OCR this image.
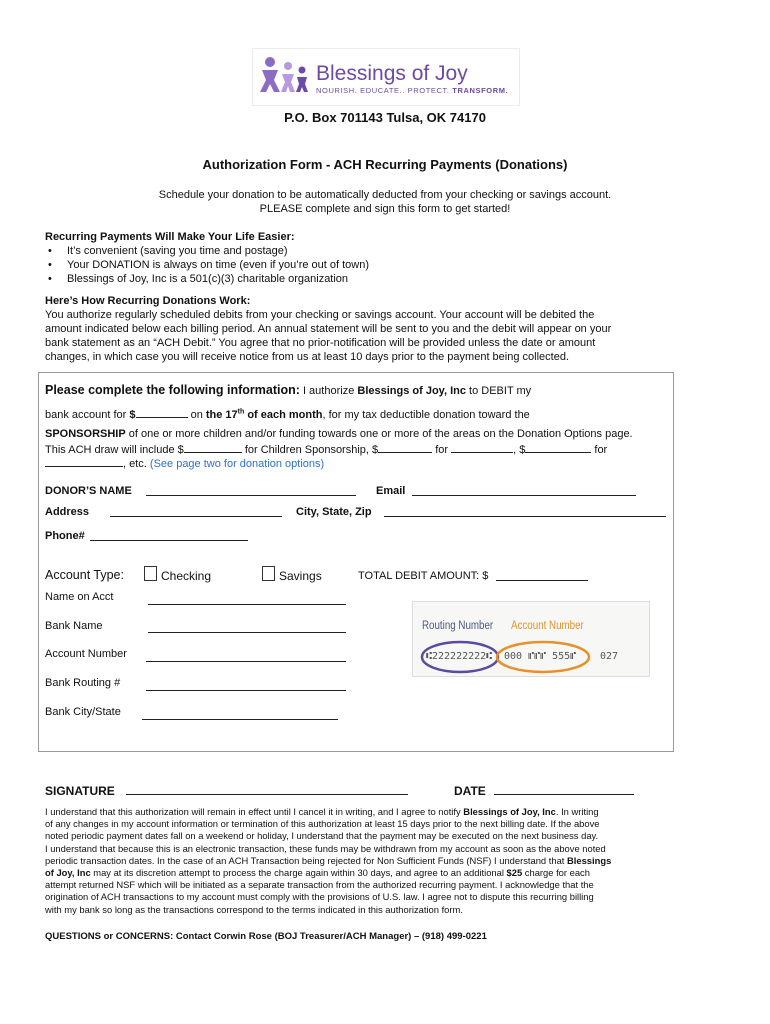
Blessings of Joy
NOURISH. EDUCATE.. PROTECT. TRANSFORM.
P.O. Box 701143 Tulsa, OK 74170
Authorization Form - ACH Recurring Payments (Donations)
Schedule your donation to be automatically deducted from your checking or savings account.
PLEASE complete and sign this form to get started!
Recurring Payments Will Make Your Life Easier:
• It’s convenient (saving you time and postage)
• Your DONATION is always on time (even if you’re out of town)
• Blessings of Joy, Inc is a 501(c)(3) charitable organization
Here’s How Recurring Donations Work:
You authorize regularly scheduled debits from your checking or savings account. Your account will be debited the
amount indicated below each billing period. An annual statement will be sent to you and the debit will appear on your
bank statement as an “ACH Debit.” You agree that no prior-notification will be provided unless the date or amount
changes, in which case you will receive notice from us at least 10 days prior to the payment being collected.
Please complete the following information: I authorize Blessings of Joy, Inc to DEBIT my
bank account for $	on the 17th of each month, for my tax deductible donation toward the
SPONSORSHIP of one or more children and/or funding towards one or more of the areas on the Donation Options page.
This ACH draw will include $	for Children Sponsorship, $	for	, $	for
, etc. (See page two for donation options)
DONOR’S NAME	Email
Address	City, State, Zip
Phone#
Account Type:	Checking	Savings	TOTAL DEBIT AMOUNT: $
Name on Acct
Bank Name
Account Number
Bank Routing #
Bank City/State
Routing Number Account Number
⑆222222222⑆ 000 ⑈⑈⑈ 555⑈ 027
SIGNATURE	DATE
I understand that this authorization will remain in effect until I cancel it in writing, and I agree to notify Blessings of Joy, Inc. In writing
of any changes in my account information or termination of this authorization at least 15 days prior to the next billing date. If the above
noted periodic payment dates fall on a weekend or holiday, I understand that the payment may be executed on the next business day.
I understand that because this is an electronic transaction, these funds may be withdrawn from my account as soon as the above noted
periodic transaction dates. In the case of an ACH Transaction being rejected for Non Sufficient Funds (NSF) I understand that Blessings
of Joy, Inc may at its discretion attempt to process the charge again within 30 days, and agree to an additional $25 charge for each
attempt returned NSF which will be initiated as a separate transaction from the authorized recurring payment. I acknowledge that the
origination of ACH transactions to my account must comply with the provisions of U.S. law. I agree not to dispute this recurring billing
with my bank so long as the transactions correspond to the terms indicated in this authorization form.
QUESTIONS or CONCERNS: Contact Corwin Rose (BOJ Treasurer/ACH Manager) – (918) 499-0221
